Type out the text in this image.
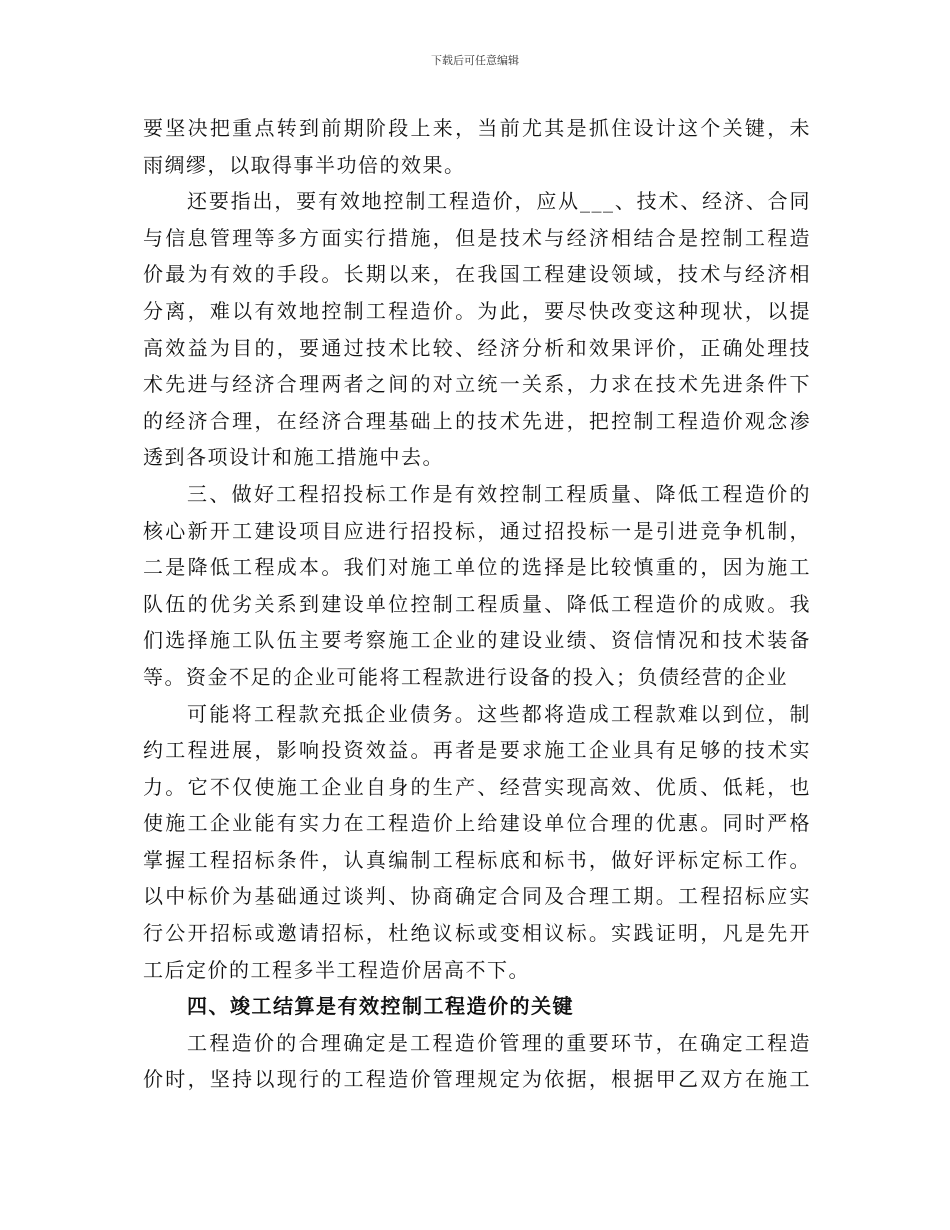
下载后可任意编辑
要坚决把重点转到前期阶段上来，当前尤其是抓住设计这个关键，未
雨绸缪，以取得事半功倍的效果。
还要指出，要有效地控制工程造价，应从___、技术、经济、合同
与信息管理等多方面实行措施，但是技术与经济相结合是控制工程造
价最为有效的手段。长期以来，在我国工程建设领域，技术与经济相
分离，难以有效地控制工程造价。为此，要尽快改变这种现状，以提
高效益为目的，要通过技术比较、经济分析和效果评价，正确处理技
术先进与经济合理两者之间的对立统一关系，力求在技术先进条件下
的经济合理，在经济合理基础上的技术先进，把控制工程造价观念渗
透到各项设计和施工措施中去。
三、做好工程招投标工作是有效控制工程质量、降低工程造价的
核心新开工建设项目应进行招投标，通过招投标一是引进竞争机制，
二是降低工程成本。我们对施工单位的选择是比较慎重的，因为施工
队伍的优劣关系到建设单位控制工程质量、降低工程造价的成败。我
们选择施工队伍主要考察施工企业的建设业绩、资信情况和技术装备
等。资金不足的企业可能将工程款进行设备的投入；负债经营的企业
可能将工程款充抵企业债务。这些都将造成工程款难以到位，制
约工程进展，影响投资效益。再者是要求施工企业具有足够的技术实
力。它不仅使施工企业自身的生产、经营实现高效、优质、低耗，也
使施工企业能有实力在工程造价上给建设单位合理的优惠。同时严格
掌握工程招标条件，认真编制工程标底和标书，做好评标定标工作。
以中标价为基础通过谈判、协商确定合同及合理工期。工程招标应实
行公开招标或邀请招标，杜绝议标或变相议标。实践证明，凡是先开
工后定价的工程多半工程造价居高不下。
四、竣工结算是有效控制工程造价的关键
工程造价的合理确定是工程造价管理的重要环节，在确定工程造
价时，坚持以现行的工程造价管理规定为依据，根据甲乙双方在施工
